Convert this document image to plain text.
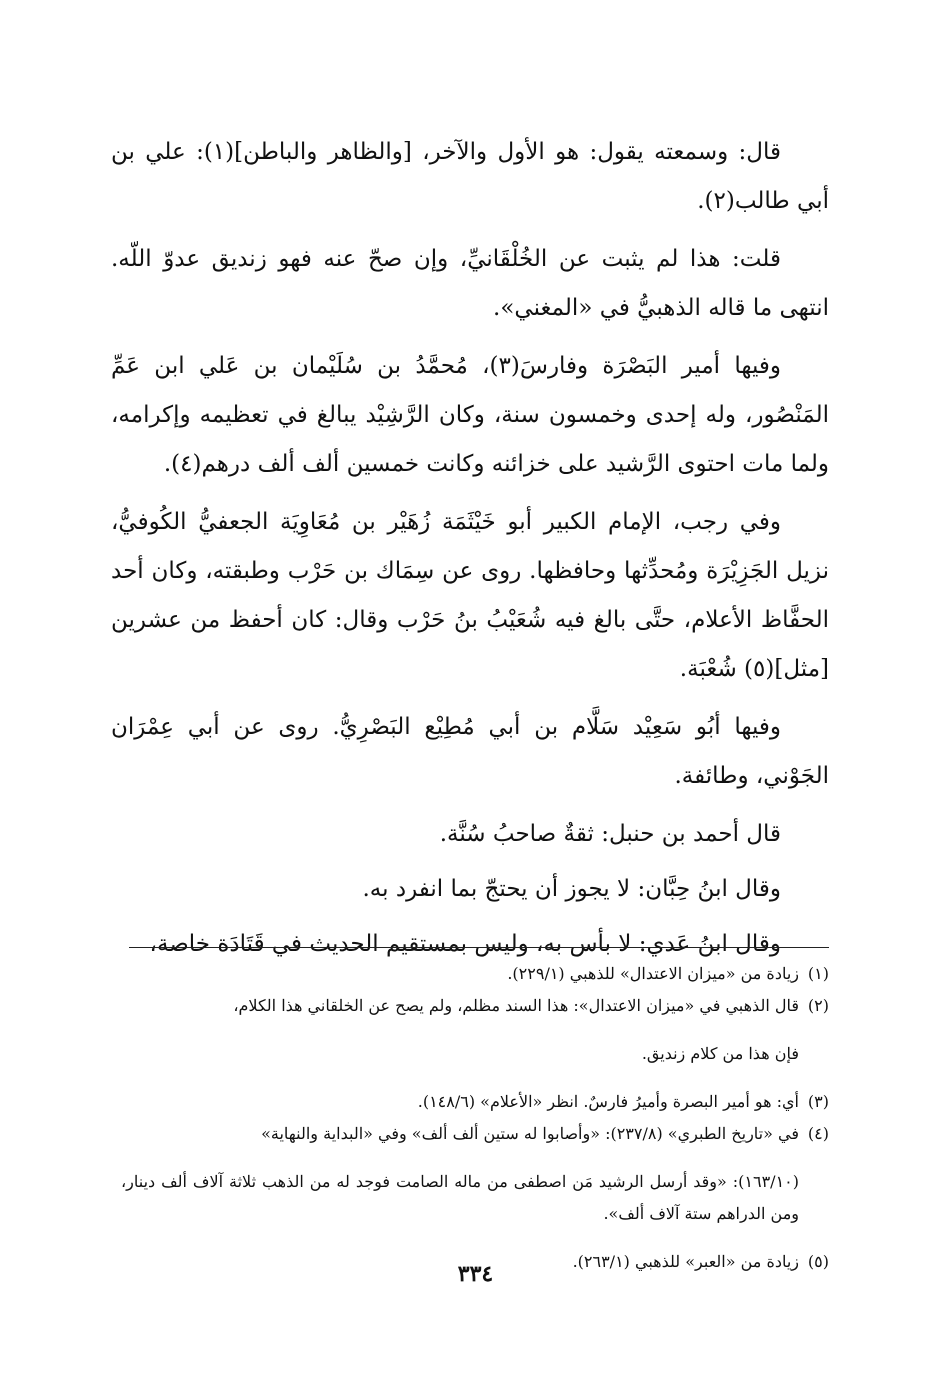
قال: وسمعته يقول: هو الأول والآخر، [والظاهر والباطن](١): علي بن أبي طالب(٢).

قلت: هذا لم يثبت عن الخُلْقَانيِّ، وإن صحّ عنه فهو زنديق عدوّ اللّه. انتهى ما قاله الذهبيُّ في «المغني».

وفيها أمير البَصْرَة وفارسَ(٣)، مُحمَّدُ بن سُلَيْمان بن عَلي ابن عَمِّ المَنْصُور، وله إحدى وخمسون سنة، وكان الرَّشِيْد يبالغ في تعظيمه وإكرامه، ولما مات احتوى الرَّشيد على خزائنه وكانت خمسين ألف ألف درهم(٤).

وفي رجب، الإمام الكبير أبو خَيْثَمَة زُهَيْر بن مُعَاوِيَة الجعفيُّ الكُوفيُّ، نزيل الجَزِيْرَة ومُحدِّثها وحافظها. روى عن سِمَاك بن حَرْب وطبقته، وكان أحد الحفَّاظ الأعلام، حتَّى بالغ فيه شُعَيْبُ بنُ حَرْب وقال: كان أحفظ من عشرين [مثل](٥) شُعْبَة.

وفيها أبُو سَعِيْد سَلَّام بن أبي مُطِيْع البَصْرِيُّ. روى عن أبي عِمْرَان الجَوْني، وطائفة.

قال أحمد بن حنبل: ثقةٌ صاحبُ سُنَّة.

وقال ابنُ حِبَّان: لا يجوز أن يحتجّ بما انفرد به.

وقال ابنُ عَدي: لا بأس به، وليس بمستقيم الحديث في قَتَادَة خاصة،

(١)
زيادة من «ميزان الاعتدال» للذهبي (٢٢٩/١).

(٢)
قال الذهبي في «ميزان الاعتدال»: هذا السند مظلم، ولم يصح عن الخلقاني هذا الكلام،

فإن هذا من كلام زنديق.

(٣)
أي: هو أمير البصرة وأميرُ فارسٌ. انظر «الأعلام» (١٤٨/٦).

(٤)
في «تاريخ الطبري» (٢٣٧/٨): «وأصابوا له ستين ألف ألف» وفي «البداية والنهاية»

(١٦٣/١٠): «وقد أرسل الرشيد مَن اصطفى من ماله الصامت فوجد له من الذهب ثلاثة آلاف ألف دينار، ومن الدراهم ستة آلاف ألف».

(٥)
زيادة من «العبر» للذهبي (٢٦٣/١).

٣٣٤
